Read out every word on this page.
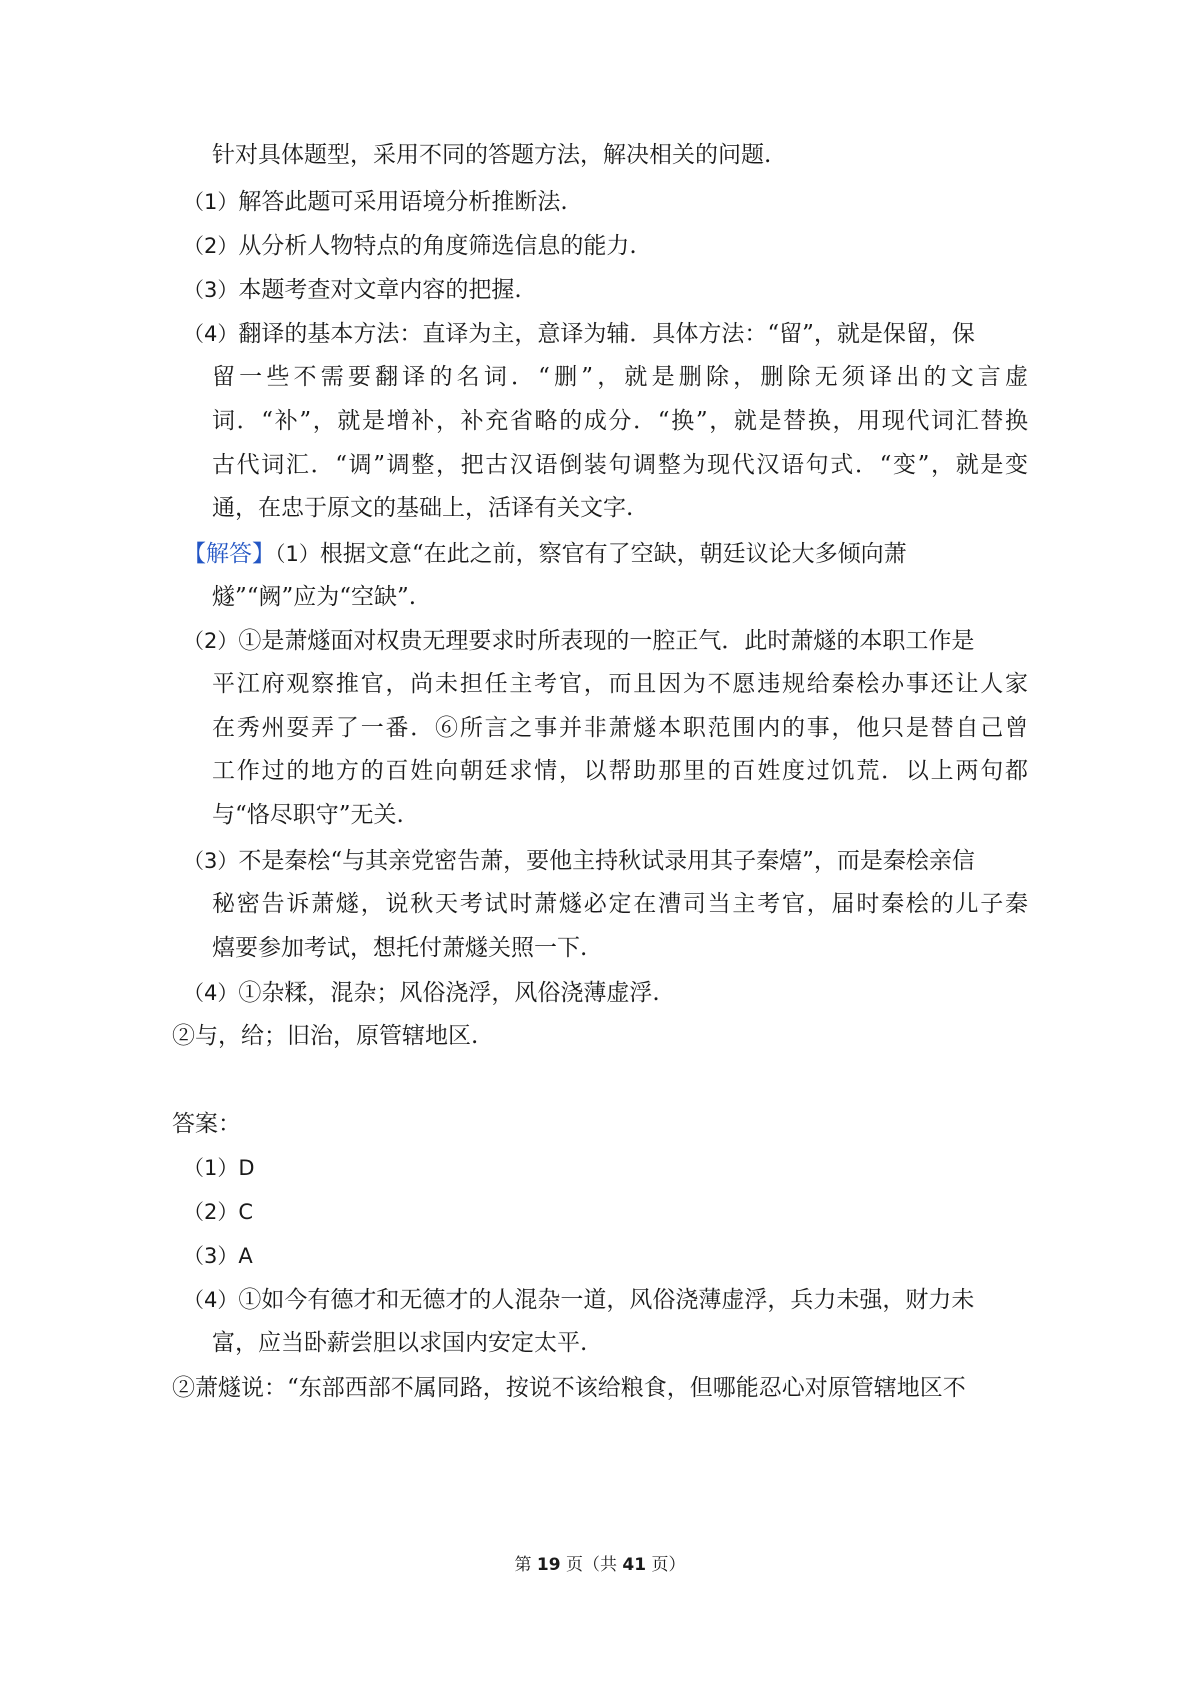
针对具体题型，采用不同的答题方法，解决相关的问题.
（1）解答此题可采用语境分析推断法.
（2）从分析人物特点的角度筛选信息的能力.
（3）本题考查对文章内容的把握.
（4）翻译的基本方法：直译为主，意译为辅．具体方法：“留”，就是保留，保
留一些不需要翻译的名词．“删”，就是删除，删除无须译出的文言虚
词．“补”，就是增补，补充省略的成分．“换”，就是替换，用现代词汇替换
古代词汇．“调”调整，把古汉语倒装句调整为现代汉语句式．“变”，就是变
通，在忠于原文的基础上，活译有关文字.
【解答】（1）根据文意“在此之前，察官有了空缺，朝廷议论大多倾向萧
燧”“阙”应为“空缺”.
（2）①是萧燧面对权贵无理要求时所表现的一腔正气．此时萧燧的本职工作是
平江府观察推官，尚未担任主考官，而且因为不愿违规给秦桧办事还让人家
在秀州耍弄了一番．⑥所言之事并非萧燧本职范围内的事，他只是替自己曾
工作过的地方的百姓向朝廷求情，以帮助那里的百姓度过饥荒．以上两句都
与“恪尽职守”无关.
（3）不是秦桧“与其亲党密告萧，要他主持秋试录用其子秦熺”，而是秦桧亲信
秘密告诉萧燧，说秋天考试时萧燧必定在漕司当主考官，届时秦桧的儿子秦
熺要参加考试，想托付萧燧关照一下.
（4）①杂糅，混杂；风俗浇浮，风俗浇薄虚浮.
②与，给；旧治，原管辖地区.
答案：
（1）D
（2）C
（3）A
（4）①如今有德才和无德才的人混杂一道，风俗浇薄虚浮，兵力未强，财力未
富，应当卧薪尝胆以求国内安定太平.
②萧燧说：“东部西部不属同路，按说不该给粮食，但哪能忍心对原管辖地区不
第 19 页（共 41 页）
